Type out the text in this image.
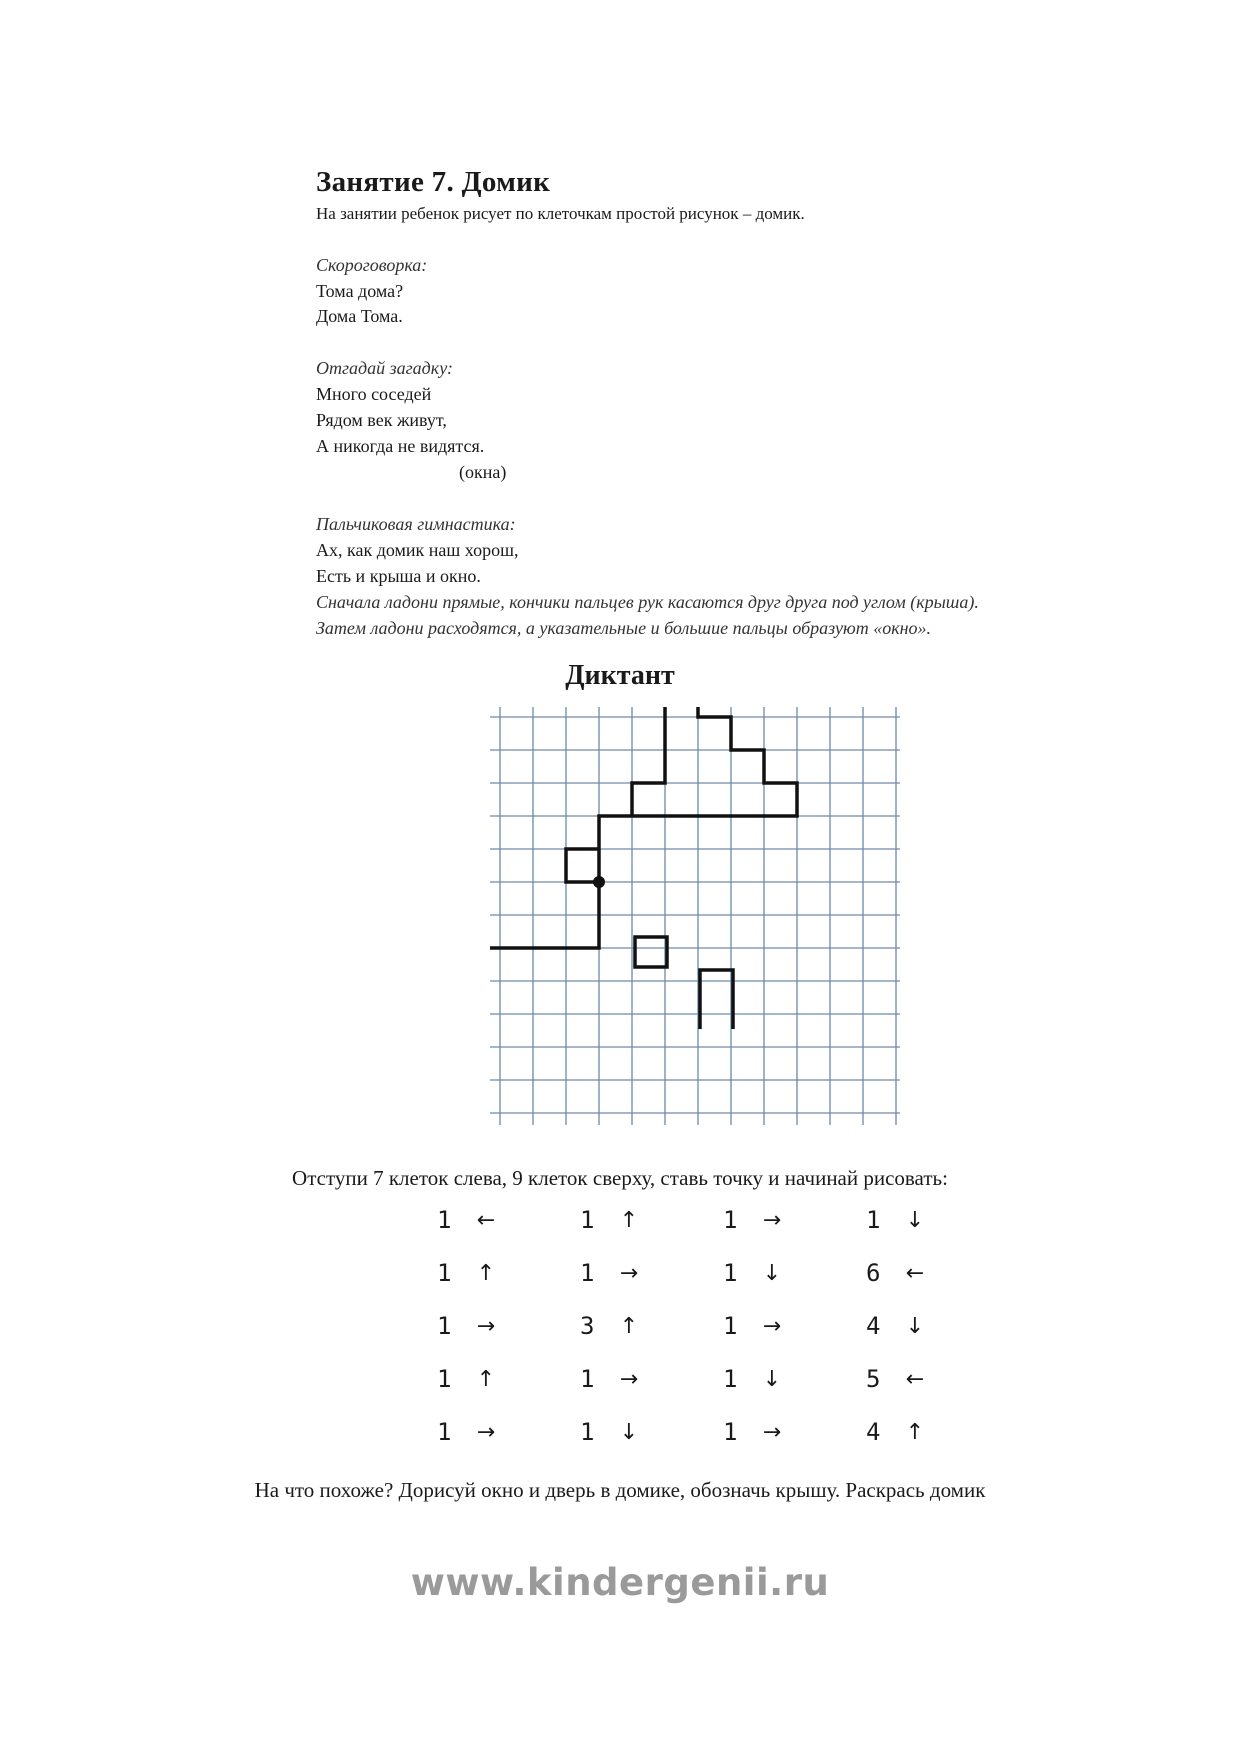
Занятие 7. Домик
На занятии ребенок рисует по клеточкам простой рисунок – домик.
Скороговорка:
Тома дома?
Дома Тома.
Отгадай загадку:
Много соседей
Рядом век живут,
А никогда не видятся.
(окна)
Пальчиковая гимнастика:
Ах, как домик наш хорош,
Есть и крыша и окно.
Сначала ладони прямые, кончики пальцев рук касаются друг друга под углом (крыша).
Затем ладони расходятся, а указательные и большие пальцы образуют «окно».
Диктант
Отступи 7 клеток слева, 9 клеток сверху, ставь точку и начинай рисовать:
1	←	1	↑	1	→	1	↓
1	↑	1	→	1	↓	6	←
1	→	3	↑	1	→	4	↓
1	↑	1	→	1	↓	5	←
1	→	1	↓	1	→	4	↑
На что похоже? Дорисуй окно и дверь в домике, обозначь крышу. Раскрась домик
www.kindergenii.ru
